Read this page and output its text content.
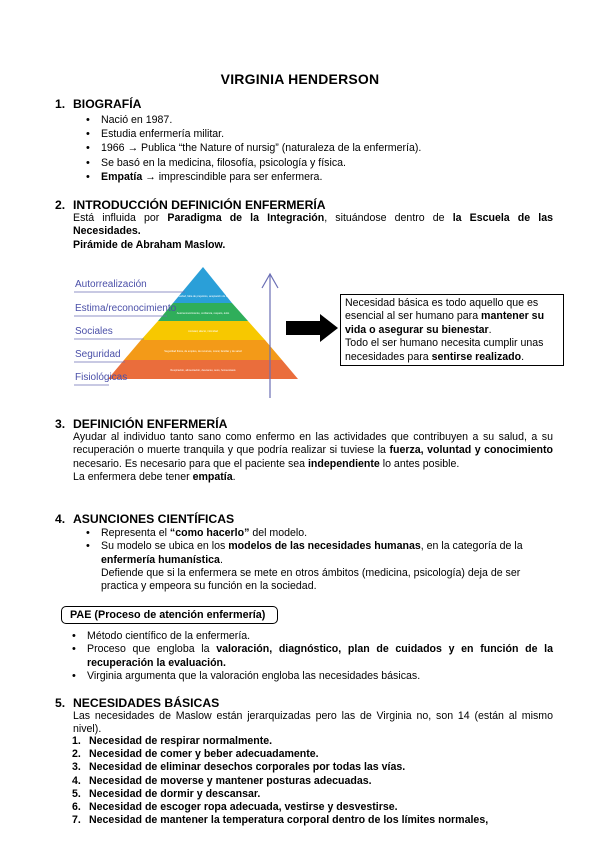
VIRGINIA HENDERSON
1. BIOGRAFÍA
• Nació en 1987.
• Estudia enfermería militar.
• 1966 → Publica “the Nature of nursig” (naturaleza de la enfermería).
• Se basó en la medicina, filosofía, psicología y física.
• Empatía → imprescindible para ser enfermera.
2. INTRODUCCIÓN DEFINICIÓN ENFERMERÍA
Está influida por Paradigma de la Integración, situándose dentro de la Escuela de las Necesidades.
Pirámide de Abraham Maslow.
Autorrealización
Estima/reconocimiento
Sociales
Seguridad
Fisiológicas
Moralidad, creatividad, espontaneidad, falta de prejuicios, aceptación de hechos, resolución de problemas
Autoreconocimiento, confianza, respeto, éxito
Amistad, afecto, intimidad
Seguridad física, de empleo, de recursos, moral, familiar y de salud
Respiración, alimentación, descanso, sexo, homeostasis
Necesidad básica es todo aquello que es esencial al ser humano para mantener su vida o asegurar su bienestar.
Todo el ser humano necesita cumplir unas necesidades para sentirse realizado.
3. DEFINICIÓN ENFERMERÍA
Ayudar al individuo tanto sano como enfermo en las actividades que contribuyen a su salud, a su recuperación o muerte tranquila y que podría realizar si tuviese la fuerza, voluntad y conocimiento necesario. Es necesario para que el paciente sea independiente lo antes posible.
La enfermera debe tener empatía.
4. ASUNCIONES CIENTÍFICAS
• Representa el “como hacerlo” del modelo.
• Su modelo se ubica en los modelos de las necesidades humanas, en la categoría de la enfermería humanística.
Defiende que si la enfermera se mete en otros ámbitos (medicina, psicología) deja de ser practica y empeora su función en la sociedad.
PAE (Proceso de atención enfermería)
• Método científico de la enfermería.
• Proceso que engloba la valoración, diagnóstico, plan de cuidados y en función de la recuperación la evaluación.
• Virginia argumenta que la valoración engloba las necesidades básicas.
5. NECESIDADES BÁSICAS
Las necesidades de Maslow están jerarquizadas pero las de Virginia no, son 14 (están al mismo nivel).
1. Necesidad de respirar normalmente.
2. Necesidad de comer y beber adecuadamente.
3. Necesidad de eliminar desechos corporales por todas las vías.
4. Necesidad de moverse y mantener posturas adecuadas.
5. Necesidad de dormir y descansar.
6. Necesidad de escoger ropa adecuada, vestirse y desvestirse.
7. Necesidad de mantener la temperatura corporal dentro de los límites normales,
